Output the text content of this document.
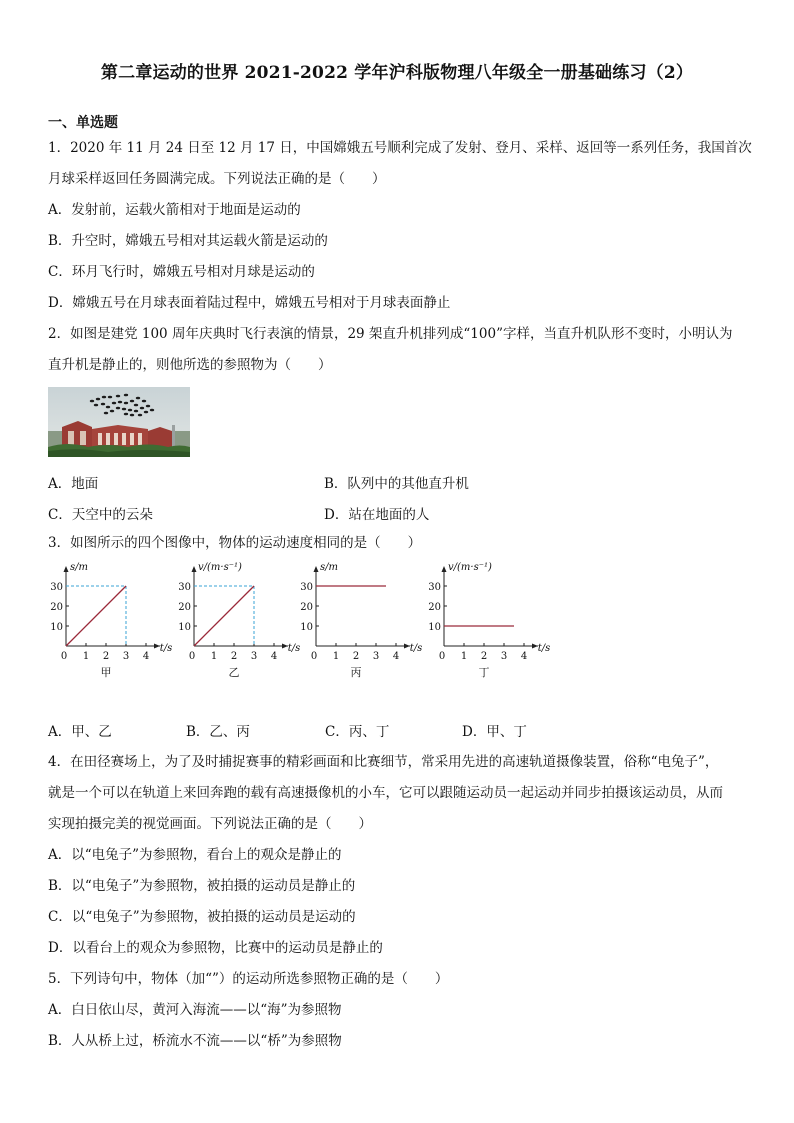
第二章运动的世界 2021-2022 学年沪科版物理八年级全一册基础练习（2）
一、单选题
1．2020 年 11 月 24 日至 12 月 17 日，中国嫦娥五号顺利完成了发射、登月、采样、返回等一系列任务，我国首次
月球采样返回任务圆满完成。下列说法正确的是（　　）
A．发射前，运载火箭相对于地面是运动的
B．升空时，嫦娥五号相对其运载火箭是运动的
C．环月飞行时，嫦娥五号相对月球是运动的
D．嫦娥五号在月球表面着陆过程中，嫦娥五号相对于月球表面静止
2．如图是建党 100 周年庆典时飞行表演的情景，29 架直升机排列成“100”字样，当直升机队形不变时，小明认为
直升机是静止的，则他所选的参照物为（　　）
A．地面	B．队列中的其他直升机
C．天空中的云朵	D．站在地面的人
3．如图所示的四个图像中，物体的运动速度相同的是（　　）
s/m
t/s
0 1 2 3 4
10
20
30
甲
v/(m·s⁻¹)
t/s
0 1 2 3 4
10
20
30
乙
s/m
t/s
0 1 2 3 4
10
20
30
丙
v/(m·s⁻¹)
t/s
0 1 2 3 4
10
20
30
丁
A．甲、乙	B．乙、丙	C．丙、丁	D．甲、丁
4．在田径赛场上，为了及时捕捉赛事的精彩画面和比赛细节，常采用先进的高速轨道摄像装置，俗称“电兔子”，
就是一个可以在轨道上来回奔跑的载有高速摄像机的小车，它可以跟随运动员一起运动并同步拍摄该运动员，从而
实现拍摄完美的视觉画面。下列说法正确的是（　　）
A．以“电兔子”为参照物，看台上的观众是静止的
B．以“电兔子”为参照物，被拍摄的运动员是静止的
C．以“电兔子”为参照物，被拍摄的运动员是运动的
D．以看台上的观众为参照物，比赛中的运动员是静止的
5．下列诗句中，物体（加“”）的运动所选参照物正确的是（　　）
A．白日依山尽，黄河入海流——以“海”为参照物
B．人从桥上过，桥流水不流——以“桥”为参照物
